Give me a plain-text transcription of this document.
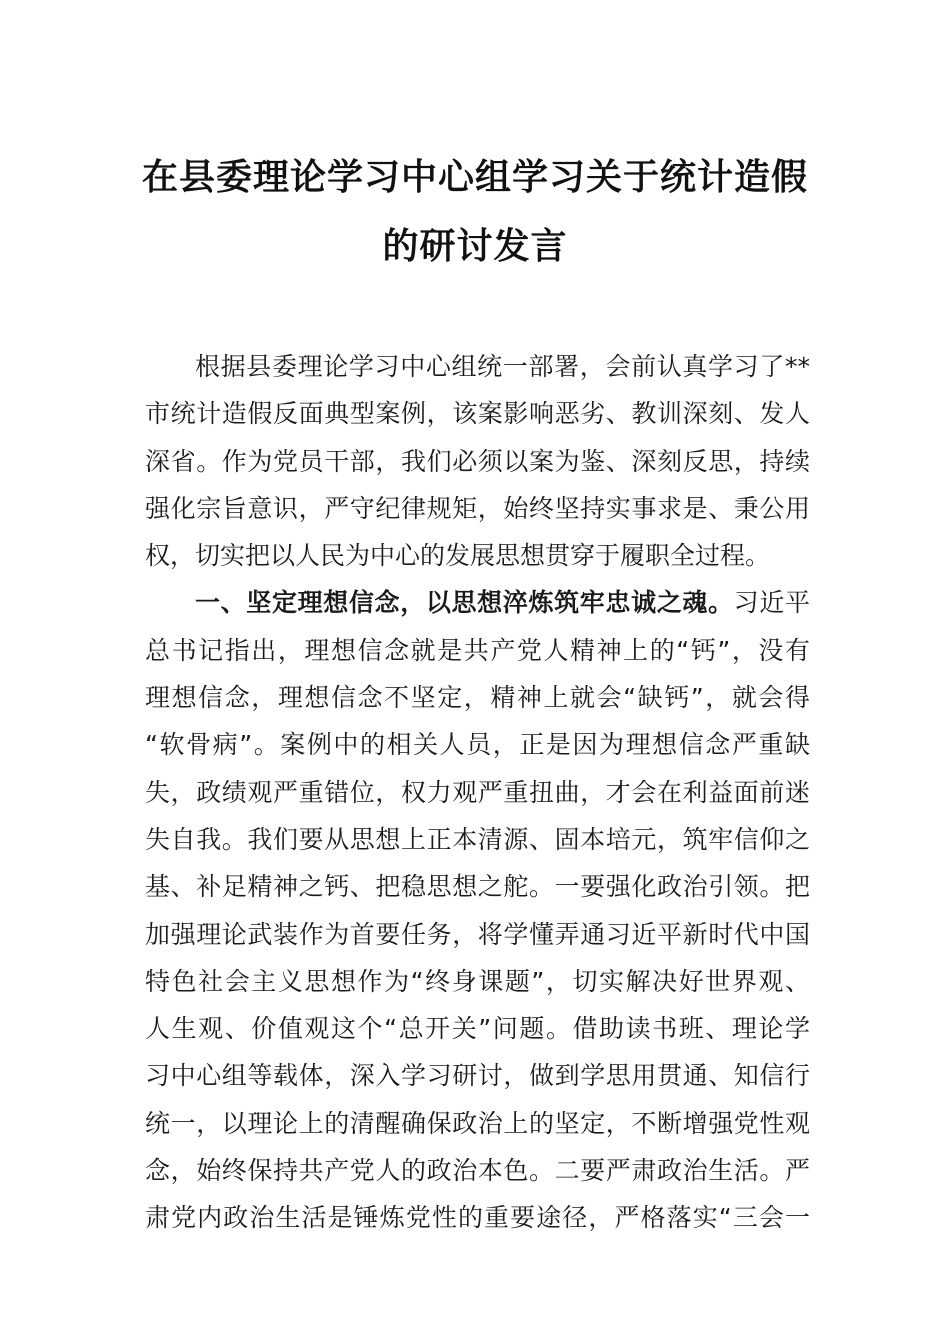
在县委理论学习中心组学习关于统计造假
的研讨发言
根据县委理论学习中心组统一部署，会前认真学习了**
市统计造假反面典型案例，该案影响恶劣、教训深刻、发人
深省。作为党员干部，我们必须以案为鉴、深刻反思，持续
强化宗旨意识，严守纪律规矩，始终坚持实事求是、秉公用
权，切实把以人民为中心的发展思想贯穿于履职全过程。
一、坚定理想信念，以思想淬炼筑牢忠诚之魂。习近平
总书记指出，理想信念就是共产党人精神上的“钙”，没有
理想信念，理想信念不坚定，精神上就会“缺钙”，就会得
“软骨病”。案例中的相关人员，正是因为理想信念严重缺
失，政绩观严重错位，权力观严重扭曲，才会在利益面前迷
失自我。我们要从思想上正本清源、固本培元，筑牢信仰之
基、补足精神之钙、把稳思想之舵。一要强化政治引领。把
加强理论武装作为首要任务，将学懂弄通习近平新时代中国
特色社会主义思想作为“终身课题”，切实解决好世界观、
人生观、价值观这个“总开关”问题。借助读书班、理论学
习中心组等载体，深入学习研讨，做到学思用贯通、知信行
统一，以理论上的清醒确保政治上的坚定，不断增强党性观
念，始终保持共产党人的政治本色。二要严肃政治生活。严
肃党内政治生活是锤炼党性的重要途径，严格落实“三会一
